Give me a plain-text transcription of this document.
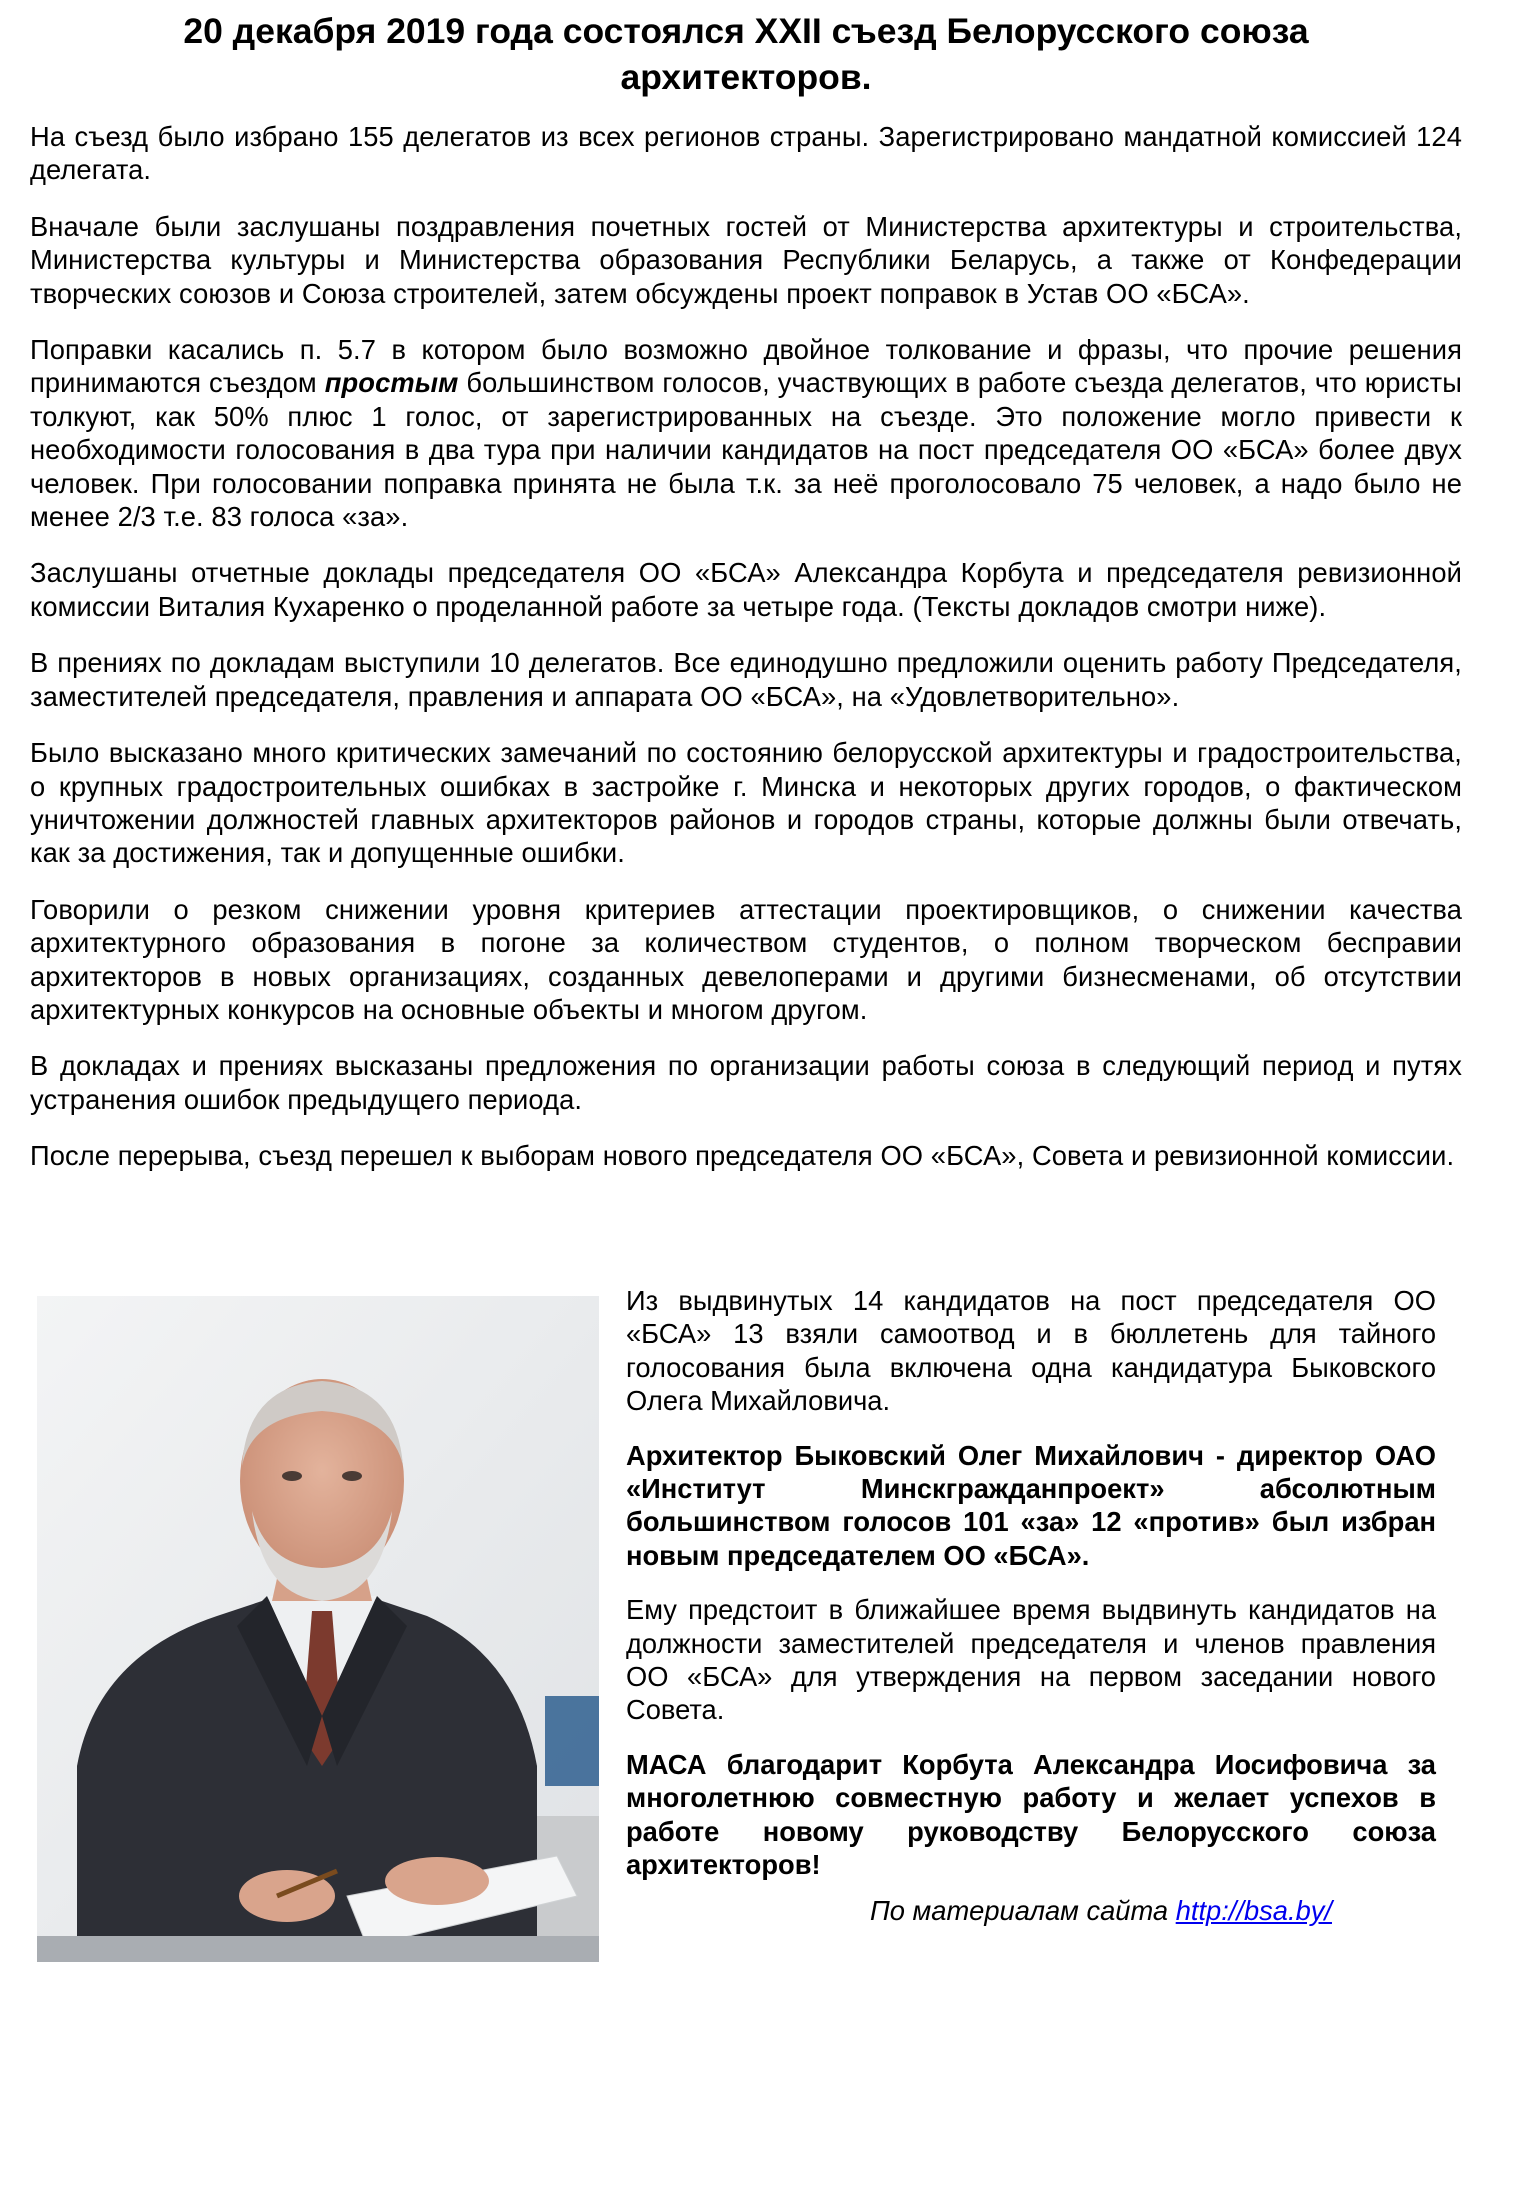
20 декабря 2019 года состоялся XXII съезд Белорусского союза архитекторов.

На съезд было избрано 155 делегатов из всех регионов страны. Зарегистрировано мандатной комиссией 124 делегата.

Вначале были заслушаны поздравления почетных гостей от Министерства архитектуры и строительства, Министерства культуры и Министерства образования Республики Беларусь, а также от Конфедерации творческих союзов и Союза строителей, затем обсуждены проект поправок в Устав ОО «БСА».

Поправки касались п. 5.7 в котором было возможно двойное толкование и фразы, что прочие решения принимаются съездом простым большинством голосов, участвующих в работе съезда делегатов, что юристы толкуют, как 50% плюс 1 голос, от зарегистрированных на съезде. Это положение могло привести к необходимости голосования в два тура при наличии кандидатов на пост председателя ОО «БСА» более двух человек. При голосовании поправка принята не была т.к. за неё проголосовало 75 человек, а надо было не менее 2/3 т.е. 83 голоса «за».

Заслушаны отчетные доклады председателя ОО «БСА» Александра Корбута и председателя ревизионной комиссии Виталия Кухаренко о проделанной работе за четыре года. (Тексты докладов смотри ниже).

В прениях по докладам выступили 10 делегатов. Все единодушно предложили оценить работу Председателя, заместителей председателя, правления и аппарата ОО «БСА», на «Удовлетворительно».

Было высказано много критических замечаний по состоянию белорусской архитектуры и градостроительства, о крупных градостроительных ошибках в застройке г. Минска и некоторых других городов, о фактическом уничтожении должностей главных архитекторов районов и городов страны, которые должны были отвечать, как за достижения, так и допущенные ошибки.

Говорили о резком снижении уровня критериев аттестации проектировщиков, о снижении качества архитектурного образования в погоне за количеством студентов, о полном творческом бесправии архитекторов в новых организациях, созданных девелоперами и другими бизнесменами, об отсутствии архитектурных конкурсов на основные объекты и многом другом.

В докладах и прениях высказаны предложения по организации работы союза в следующий период и путях устранения ошибок предыдущего периода.

После перерыва, съезд перешел к выборам нового председателя ОО «БСА», Совета и ревизионной комиссии.

Из выдвинутых 14 кандидатов на пост председателя ОО «БСА» 13 взяли самоотвод и в бюллетень для тайного голосования была включена одна кандидатура Быковского Олега Михайловича.

Архитектор Быковский Олег Михайлович - директор ОАО «Институт Минскгражданпроект» абсолютным большинством голосов 101 «за» 12 «против» был избран новым председателем ОО «БСА».

Ему предстоит в ближайшее время выдвинуть кандидатов на должности заместителей председателя и членов правления ОО «БСА» для утверждения на первом заседании нового Совета.

МАСА благодарит Корбута Александра Иосифовича за многолетнюю совместную работу и желает успехов в работе новому руководству Белорусского союза архитекторов!

По материалам сайта http://bsa.by/
